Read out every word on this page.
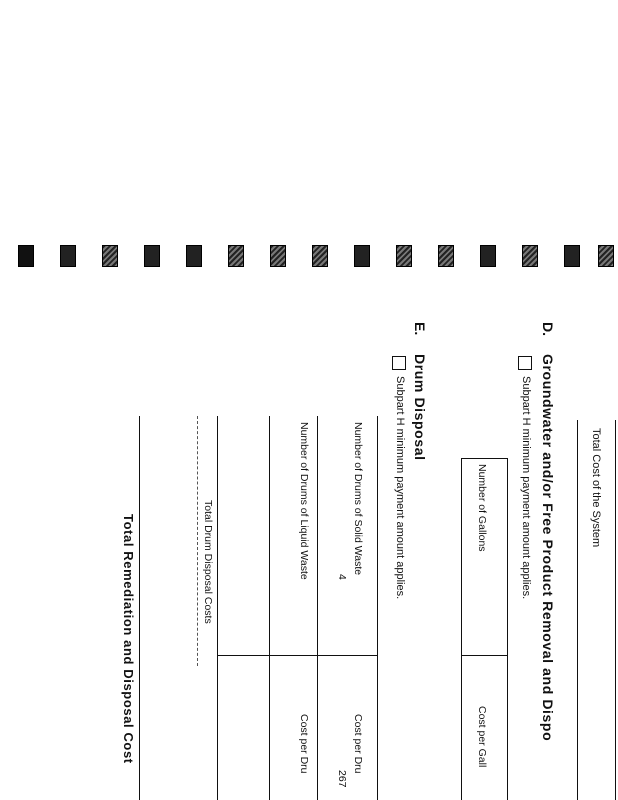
Total Cost of the System
D.
Groundwater and/or Free Product Removal and Dispo
Subpart H minimum payment amount applies.
Number of Gallons
Cost per Gall
E.
Drum Disposal
Subpart H minimum payment amount applies.
Number of Drums of Solid Waste
Cost per Dru
4
267
Number of Drums of Liquid Waste
Cost per Dru
Total Drum Disposal Costs
Total Remediation and Disposal Cost
